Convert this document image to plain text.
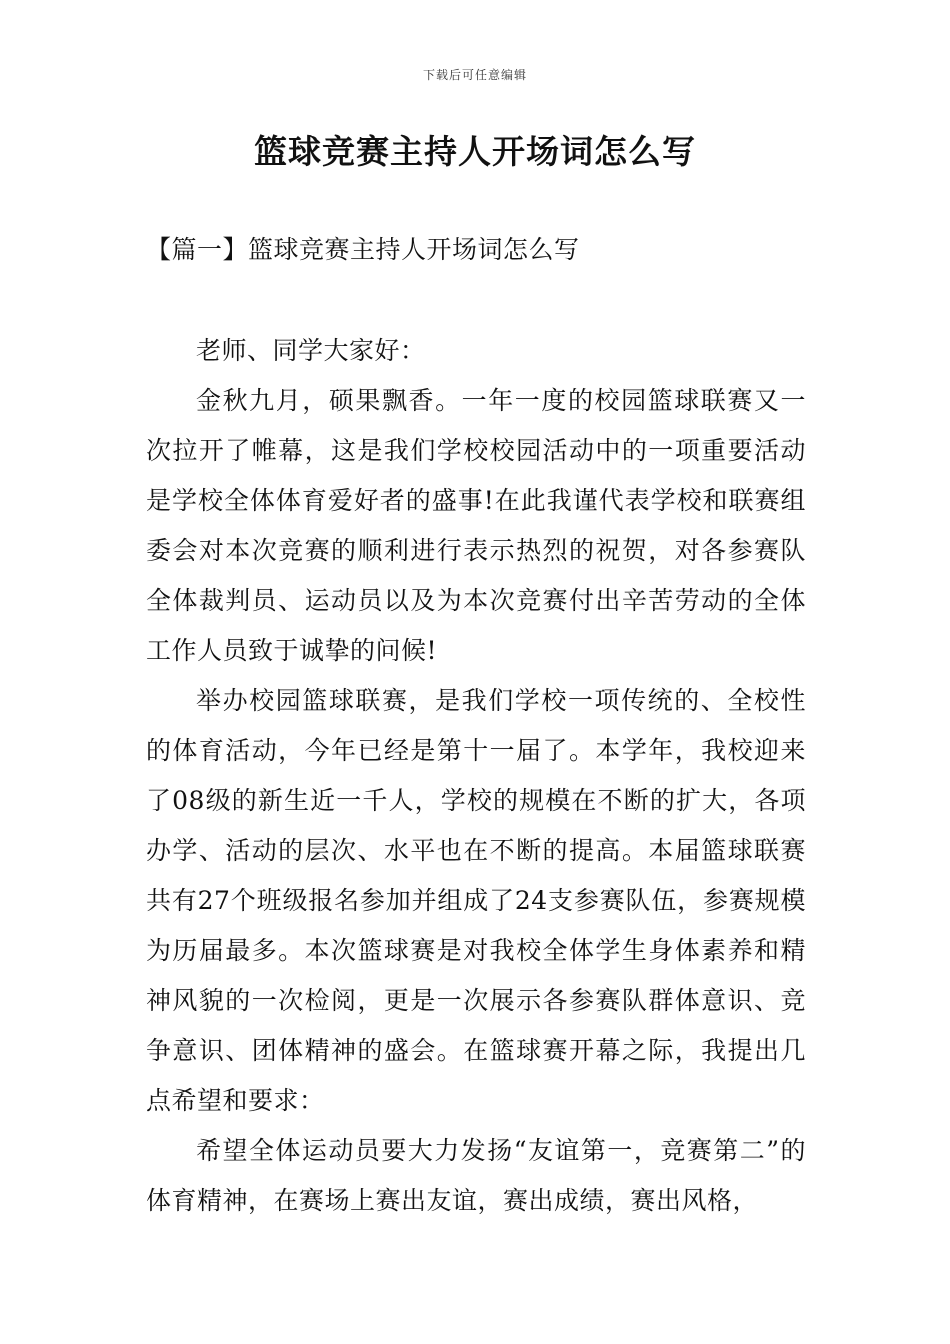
下载后可任意编辑
篮球竞赛主持人开场词怎么写
【篇一】篮球竞赛主持人开场词怎么写

老师、同学大家好：

金秋九月，硕果飘香。一年一度的校园篮球联赛又一次拉开了帷幕，这是我们学校校园活动中的一项重要活动是学校全体体育爱好者的盛事!在此我谨代表学校和联赛组委会对本次竞赛的顺利进行表示热烈的祝贺，对各参赛队全体裁判员、运动员以及为本次竞赛付出辛苦劳动的全体工作人员致于诚挚的问候!

举办校园篮球联赛，是我们学校一项传统的、全校性的体育活动，今年已经是第十一届了。本学年，我校迎来了08级的新生近一千人，学校的规模在不断的扩大，各项办学、活动的层次、水平也在不断的提高。本届篮球联赛共有27个班级报名参加并组成了24支参赛队伍，参赛规模为历届最多。本次篮球赛是对我校全体学生身体素养和精神风貌的一次检阅，更是一次展示各参赛队群体意识、竞争意识、团体精神的盛会。在篮球赛开幕之际，我提出几点希望和要求：

希望全体运动员要大力发扬“友谊第一，竞赛第二”的体育精神，在赛场上赛出友谊，赛出成绩，赛出风格，
